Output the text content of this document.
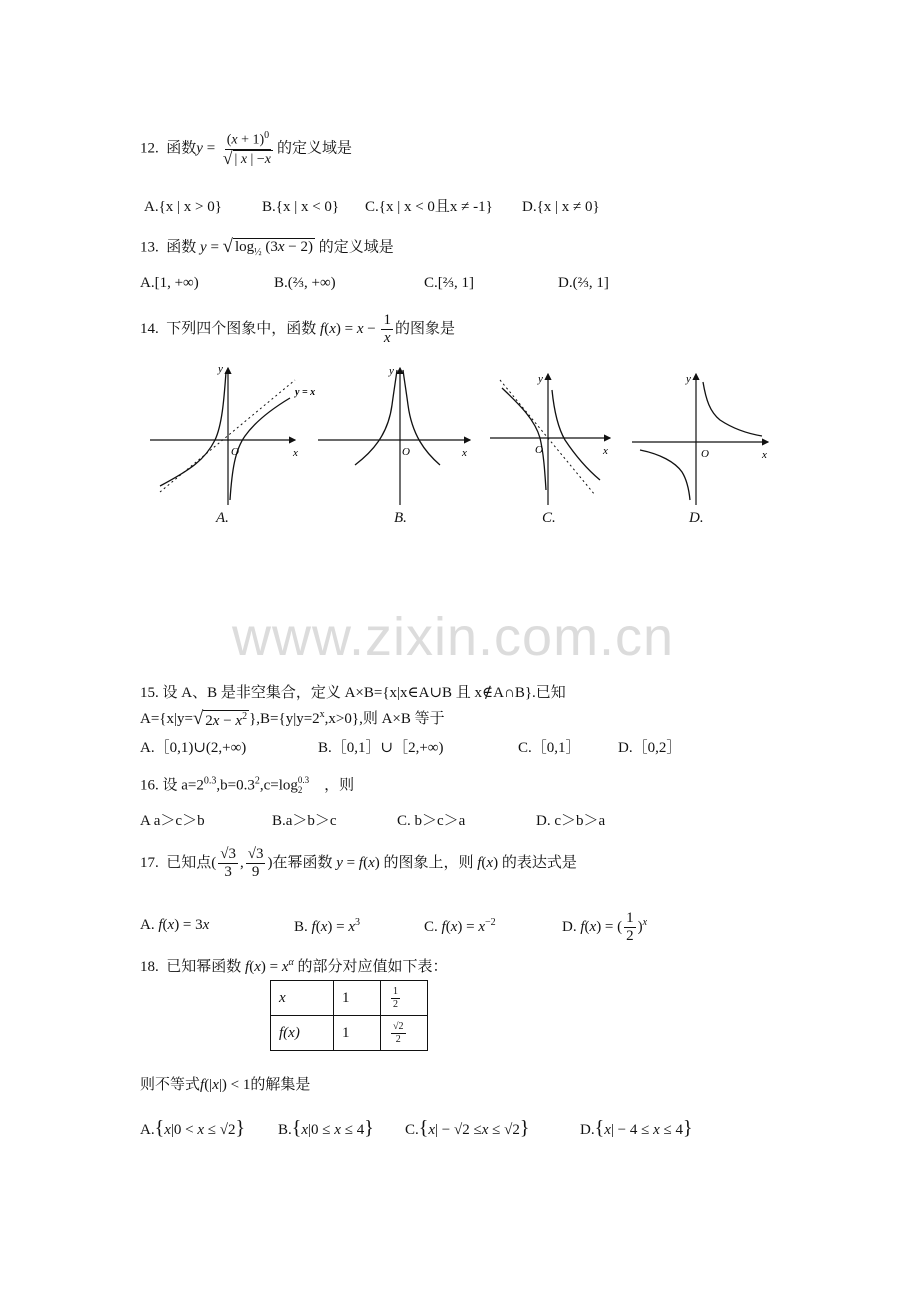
12. 函数$y = \frac{(x + 1)^0}{√ | x | -x}$ 的定义域是
A.{x | x > 0}	B.{x | x < 0} C.{x | x < 0且x ≠ -1} D.{x | x ≠ 0}
13. 函数 y = √ $\log_{\frac{1}{2}} (3x - 2)$ 的定义域是
A.[1, +∞)	B.(⅔, +∞)	C.[⅔, 1]	D.(⅔, 1]
14. 下列四个图象中，函数 $f(x) = x - \frac{1}{x}$ 的图象是
y
x
O
y = x
y
x
O
y
x
O
y
x
O
A.	B.	C.	D.
www.zixin.com.cn
15. 设 A、B 是非空集合，定义 A×B={x|x∈A∪B 且 x∉A∩B}.已知
A={x|y= √ $2x - x^2$ }$,B=\{y|y=2^x,x>0\}$,则 A×B 等于
A.［0,1)∪(2,+∞)	B.［0,1］∪［2,+∞)	C.［0,1］ D.［0,2］
16. 设 $a=2^{0.3},b=0.3^2,c=\log$ 0.3
2	，则
A a＞c＞b	B.a＞b＞c	C. b＞c＞a	D. c＞b＞a
17. 已知点( $\frac{√3}{3}$ , $\frac{√3}{9}$ )在幂函数 y = f(x) 的图象上，则 f(x) 的表达式是
A. f(x) = 3x	B. $f(x) = x^3$	C. $f(x) = x^{-2}$	D. f(x) = ( $\frac{1}{2} )^x$
18. 已知幂函数 $f(x) = x^\alpha$ 的部分对应值如下表：
x	1	$\frac{1}{2}$

f(x)	1	$\frac{√2}{2}$
则不等式f(|x|) < 1的解集是
A.{x|0 < x ≤ √2} B.{x|0 ≤ x ≤ 4} C.{x| − √2 ≤x ≤ √2}	D.{x| − 4 ≤ x ≤ 4}
